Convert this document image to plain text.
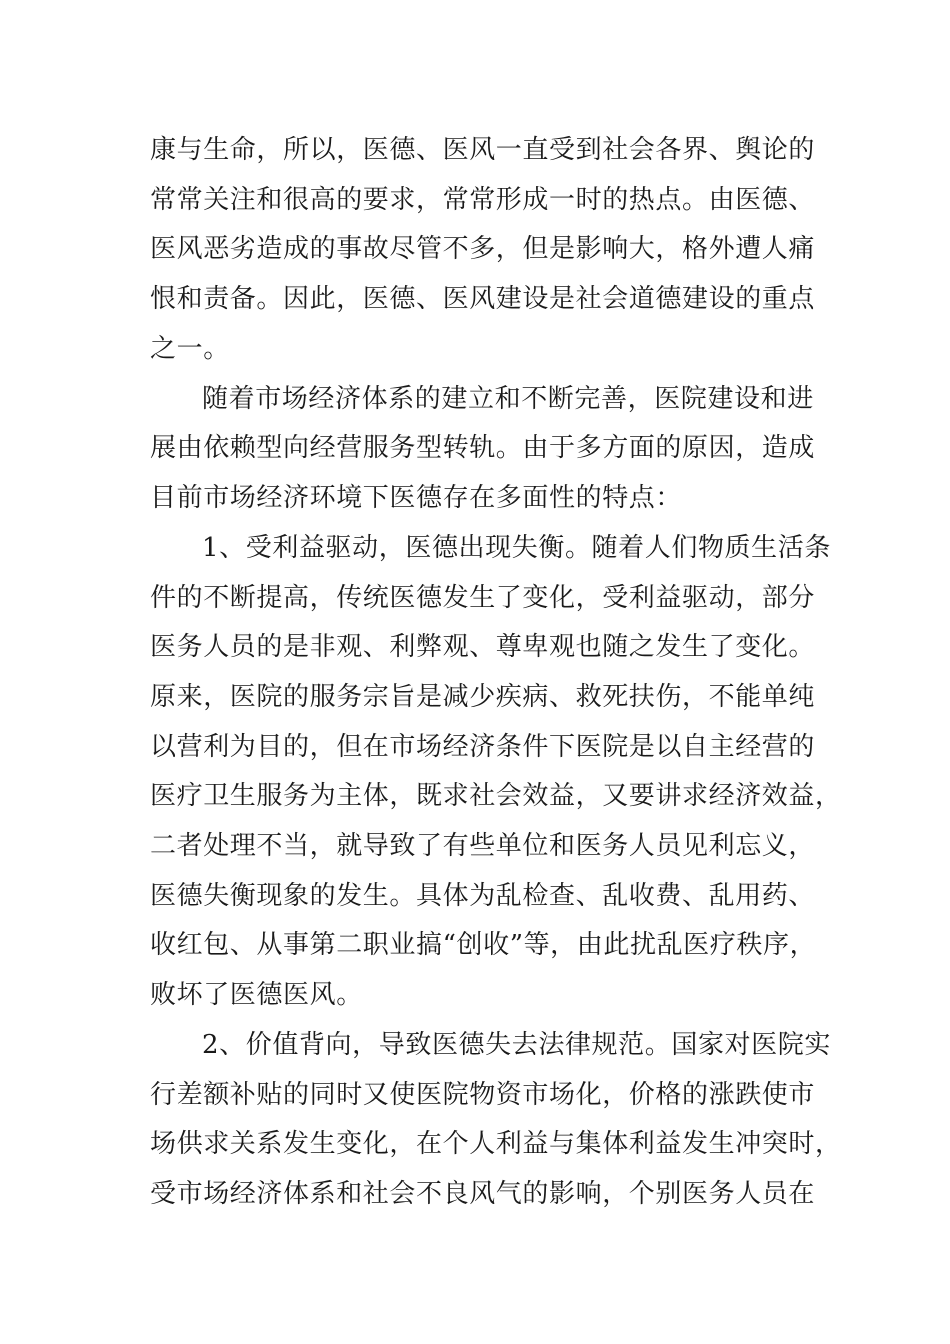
康与生命，所以，医德、医风一直受到社会各界、舆论的
常常关注和很高的要求，常常形成一时的热点。由医德、
医风恶劣造成的事故尽管不多，但是影响大，格外遭人痛
恨和责备。因此，医德、医风建设是社会道德建设的重点
之一。
随着市场经济体系的建立和不断完善，医院建设和进
展由依赖型向经营服务型转轨。由于多方面的原因，造成
目前市场经济环境下医德存在多面性的特点：
1、受利益驱动，医德出现失衡。随着人们物质生活条
件的不断提高，传统医德发生了变化，受利益驱动，部分
医务人员的是非观、利弊观、尊卑观也随之发生了变化。
原来，医院的服务宗旨是减少疾病、救死扶伤，不能单纯
以营利为目的，但在市场经济条件下医院是以自主经营的
医疗卫生服务为主体，既求社会效益，又要讲求经济效益，
二者处理不当，就导致了有些单位和医务人员见利忘义，
医德失衡现象的发生。具体为乱检查、乱收费、乱用药、
收红包、从事第二职业搞“创收”等，由此扰乱医疗秩序，
败坏了医德医风。
2、价值背向，导致医德失去法律规范。国家对医院实
行差额补贴的同时又使医院物资市场化，价格的涨跌使市
场供求关系发生变化，在个人利益与集体利益发生冲突时，
受市场经济体系和社会不良风气的影响，个别医务人员在
